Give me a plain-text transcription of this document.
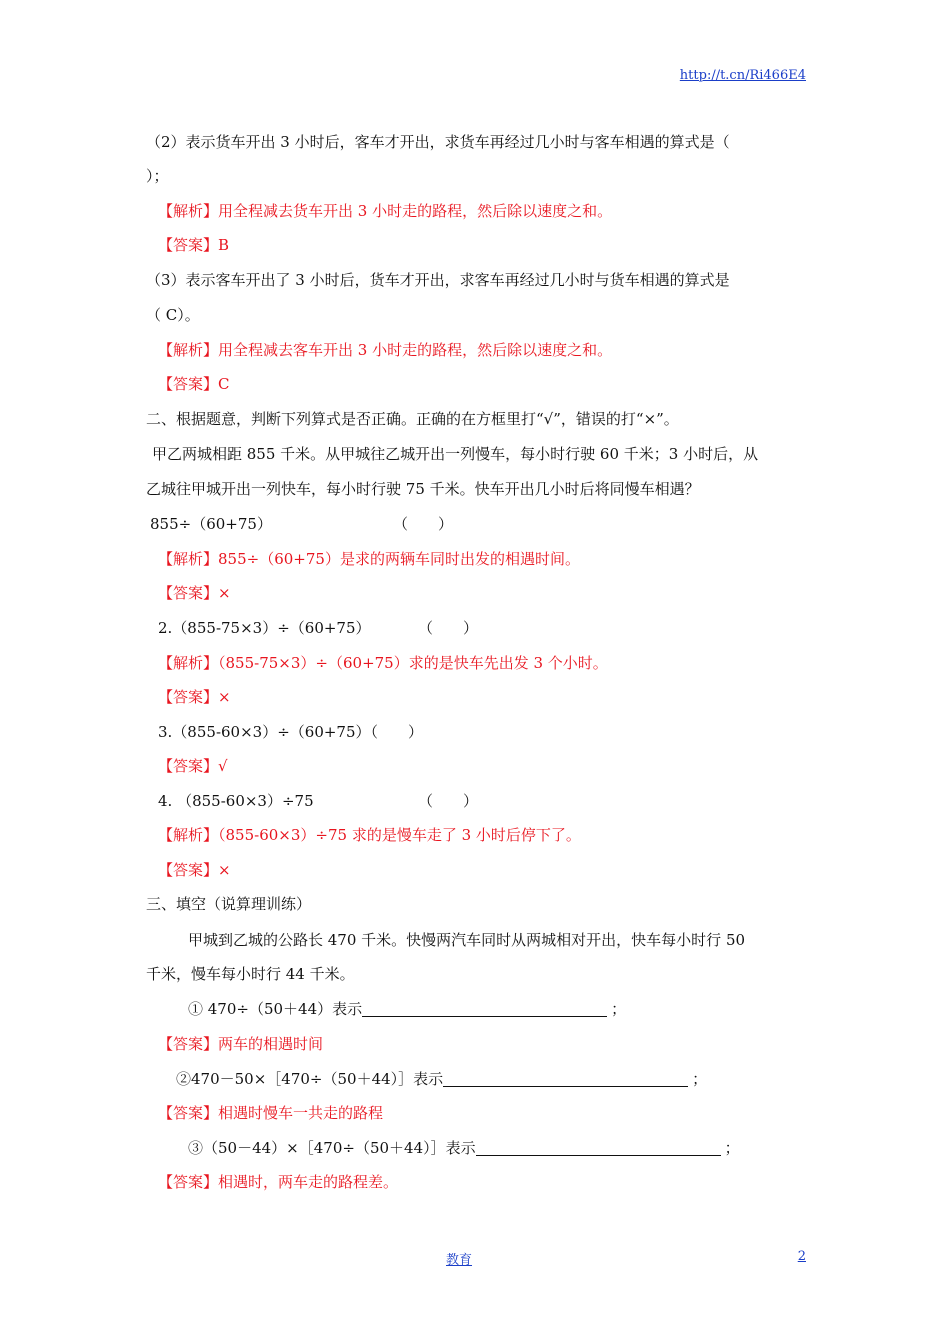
http://t.cn/Ri466E4
（2）表示货车开出 3 小时后，客车才开出，求货车再经过几小时与客车相遇的算式是（
）；
【解析】用全程减去货车开出 3 小时走的路程，然后除以速度之和。
【答案】B
（3）表示客车开出了 3 小时后，货车才开出，求客车再经过几小时与货车相遇的算式是
（ C）。
【解析】用全程减去客车开出 3 小时走的路程，然后除以速度之和。
【答案】C
二、根据题意，判断下列算式是否正确。正确的在方框里打“√”，错误的打“×”。
甲乙两城相距 855 千米。从甲城往乙城开出一列慢车，每小时行驶 60 千米；3 小时后，从
乙城往甲城开出一列快车，每小时行驶 75 千米。快车开出几小时后将同慢车相遇？
855÷（60+75）	（　　）
【解析】855÷（60+75）是求的两辆车同时出发的相遇时间。
【答案】×
2.（855-75×3）÷（60+75）	（　　）
【解析】（855-75×3）÷（60+75）求的是快车先出发 3 个小时。
【答案】×
3.（855-60×3）÷（60+75）（　　）
【答案】√
4. （855-60×3）÷75	（　　）
【解析】（855-60×3）÷75 求的是慢车走了 3 小时后停下了。
【答案】×
三、填空（说算理训练）
甲城到乙城的公路长 470 千米。快慢两汽车同时从两城相对开出，快车每小时行 50
千米，慢车每小时行 44 千米。
① 470÷（50＋44）表示	；
【答案】两车的相遇时间
②470－50×［470÷（50＋44）］表示	；
【答案】相遇时慢车一共走的路程
③（50－44）×［470÷（50＋44）］表示	；
【答案】相遇时，两车走的路程差。
教育	2
